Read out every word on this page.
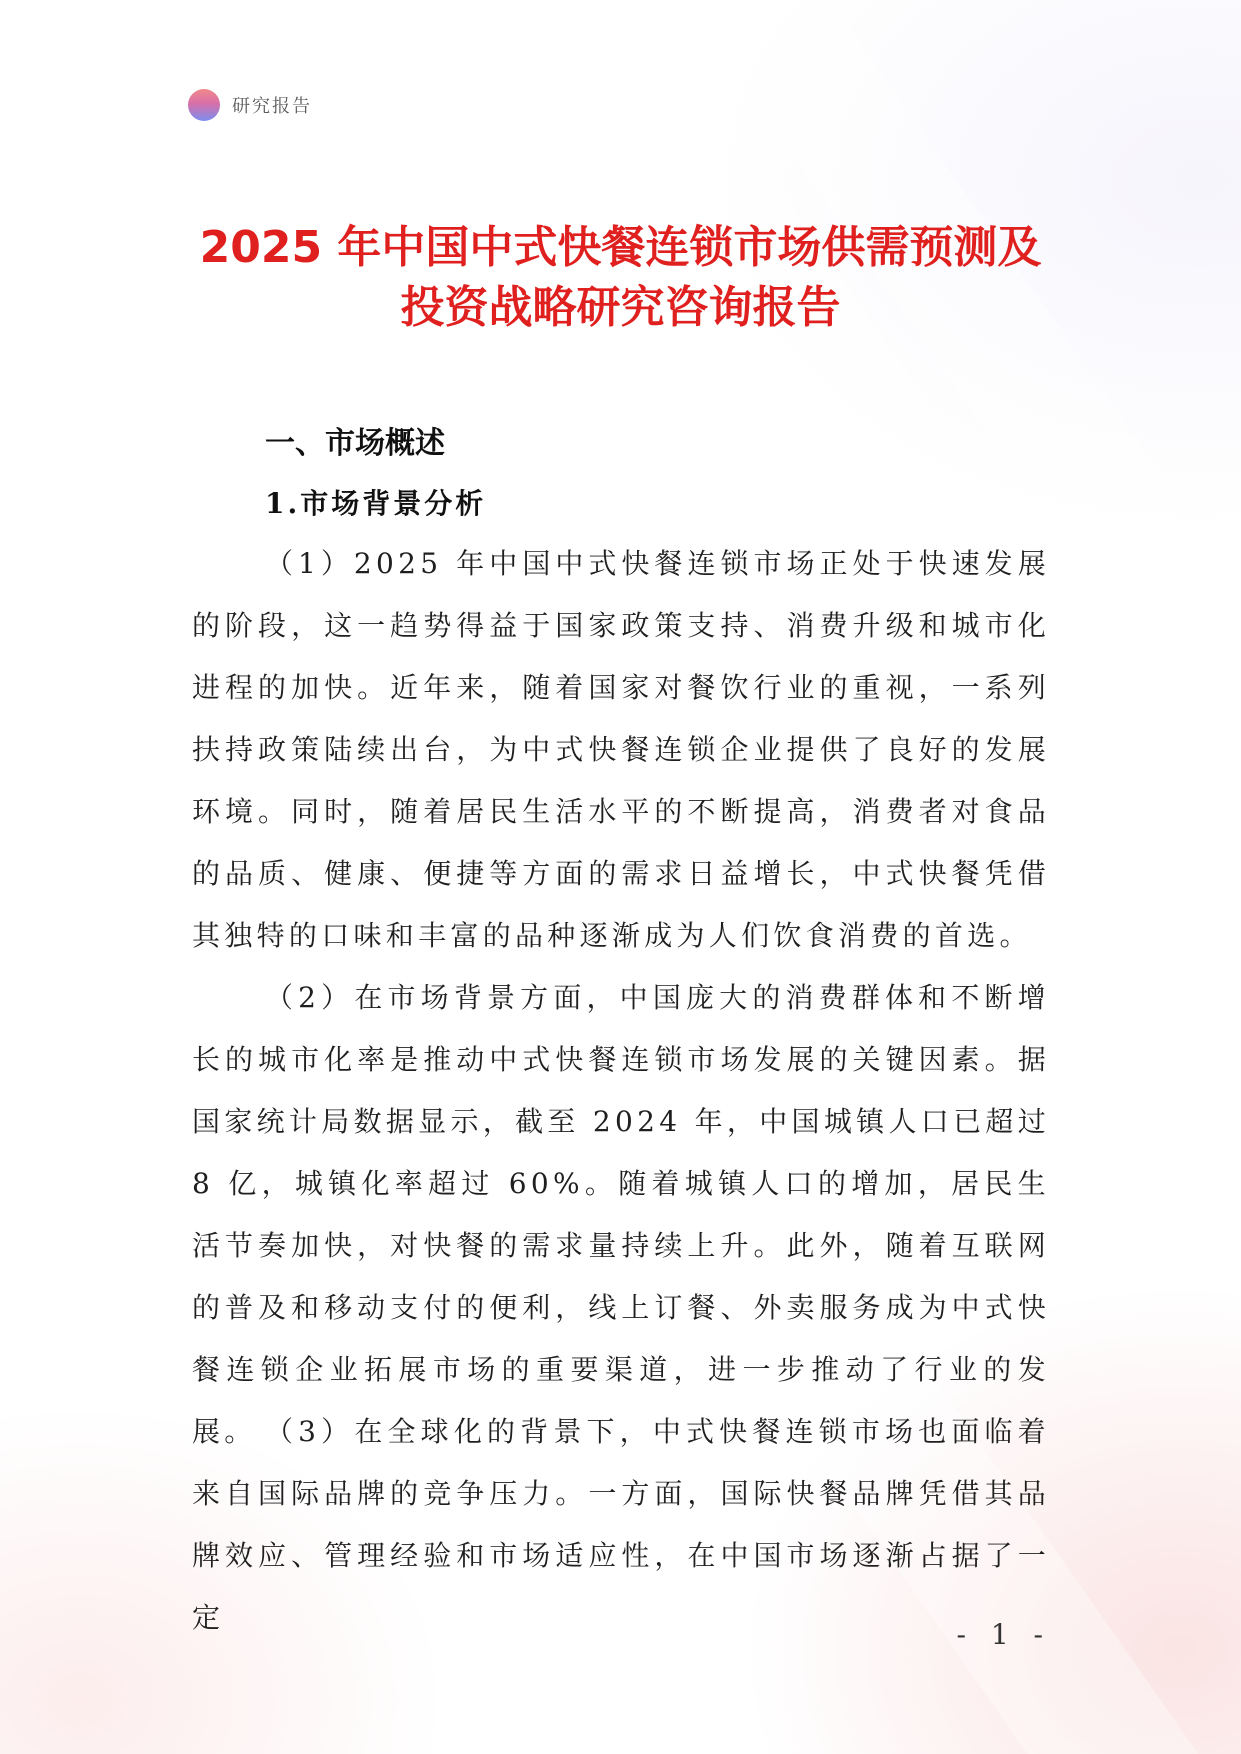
研究报告
2025 年中国中式快餐连锁市场供需预测及
投资战略研究咨询报告
一、市场概述
1.市场背景分析

（1）2025 年中国中式快餐连锁市场正处于快速发展的阶段，这一趋势得益于国家政策支持、消费升级和城市化进程的加快。近年来，随着国家对餐饮行业的重视，一系列扶持政策陆续出台，为中式快餐连锁企业提供了良好的发展环境。同时，随着居民生活水平的不断提高，消费者对食品的品质、健康、便捷等方面的需求日益增长，中式快餐凭借其独特的口味和丰富的品种逐渐成为人们饮食消费的首选。

（2）在市场背景方面，中国庞大的消费群体和不断增长的城市化率是推动中式快餐连锁市场发展的关键因素。据国家统计局数据显示，截至 2024 年，中国城镇人口已超过 8 亿，城镇化率超过 60%。随着城镇人口的增加，居民生活节奏加快，对快餐的需求量持续上升。此外，随着互联网的普及和移动支付的便利，线上订餐、外卖服务成为中式快餐连锁企业拓展市场的重要渠道，进一步推动了行业的发展。 （3）在全球化的背景下，中式快餐连锁市场也面临着来自国际品牌的竞争压力。一方面，国际快餐品牌凭借其品牌效应、管理经验和市场适应性，在中国市场逐渐占据了一定

- 1 -
